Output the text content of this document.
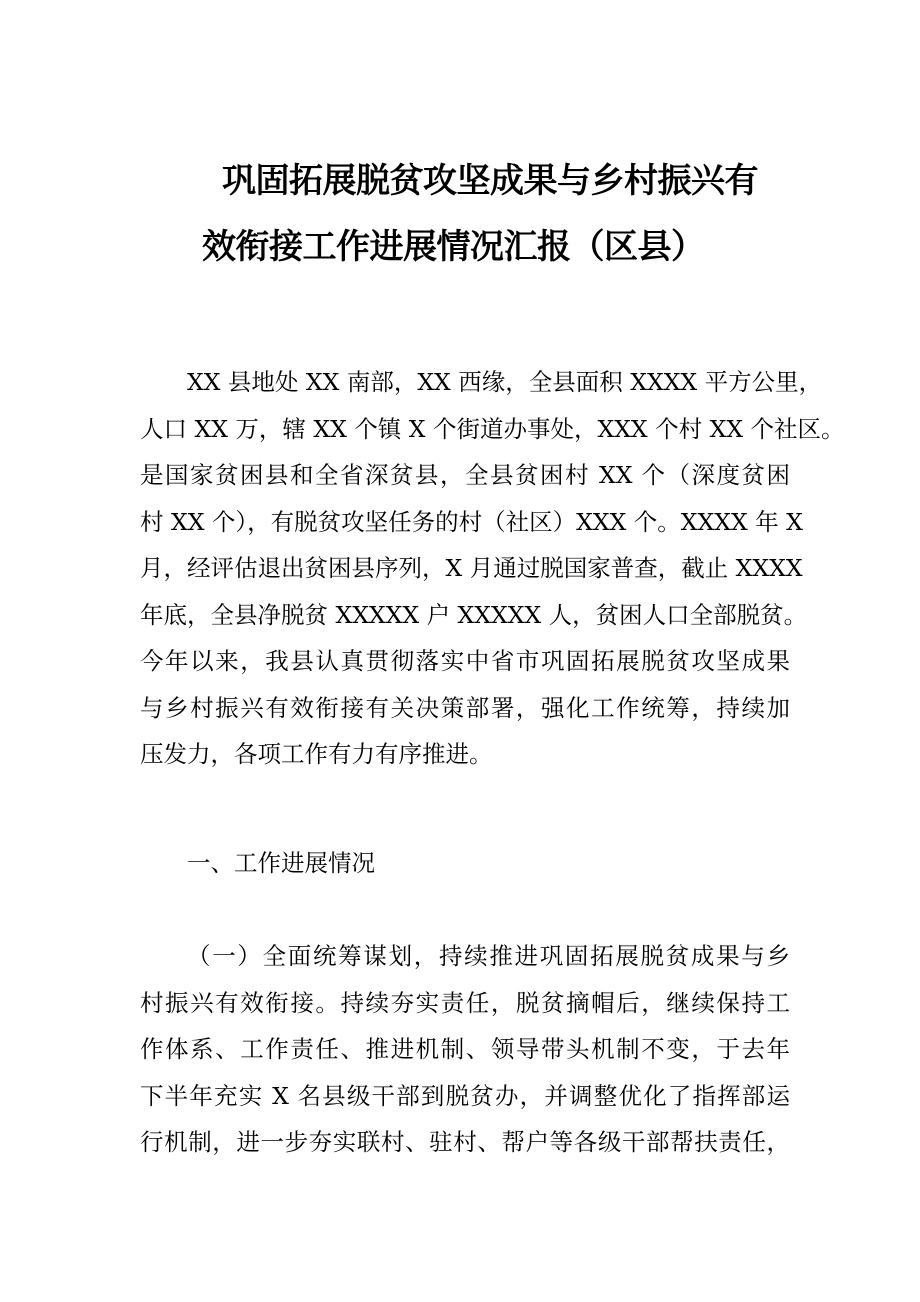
巩固拓展脱贫攻坚成果与乡村振兴有
效衔接工作进展情况汇报（区县）
XX 县地处 XX 南部，XX 西缘，全县面积 XXXX 平方公里，
人口 XX 万，辖 XX 个镇 X 个街道办事处，XXX 个村 XX 个社区。
是国家贫困县和全省深贫县，全县贫困村 XX 个（深度贫困
村 XX 个），有脱贫攻坚任务的村（社区）XXX 个。XXXX 年 X
月，经评估退出贫困县序列，X 月通过脱国家普查，截止 XXXX
年底，全县净脱贫 XXXXX 户 XXXXX 人，贫困人口全部脱贫。
今年以来，我县认真贯彻落实中省市巩固拓展脱贫攻坚成果
与乡村振兴有效衔接有关决策部署，强化工作统筹，持续加
压发力，各项工作有力有序推进。
一、工作进展情况
（一）全面统筹谋划，持续推进巩固拓展脱贫成果与乡
村振兴有效衔接。持续夯实责任，脱贫摘帽后，继续保持工
作体系、工作责任、推进机制、领导带头机制不变，于去年
下半年充实 X 名县级干部到脱贫办，并调整优化了指挥部运
行机制，进一步夯实联村、驻村、帮户等各级干部帮扶责任，
